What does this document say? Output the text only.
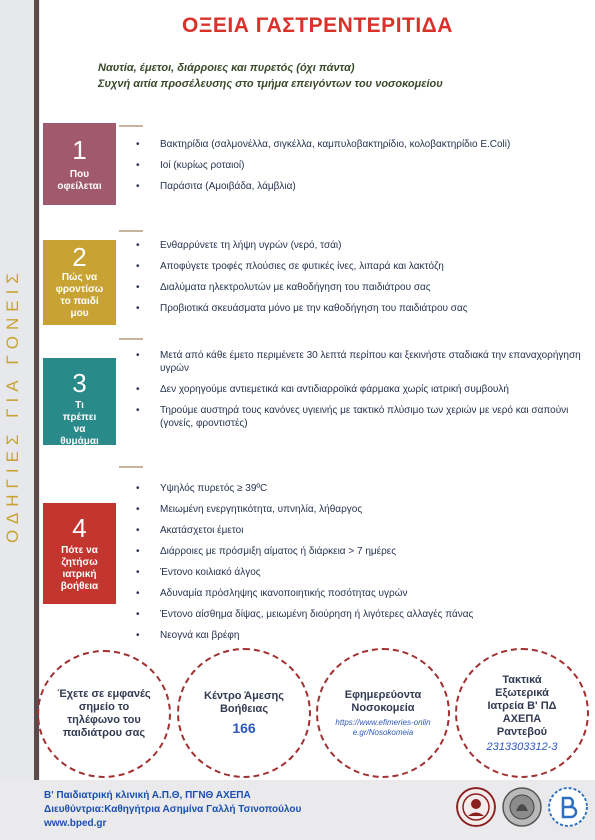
ΟΔΗΓΙΕΣ ΓΙΑ ΓΟΝΕΙΣ
ΟΞΕΙΑ ΓΑΣΤΡΕΝΤΕΡΙΤΙΔΑ
Ναυτία, έμετοι, διάρροιες και πυρετός (όχι πάντα)
Συχνή αιτία προσέλευσης στο τμήμα επειγόντων του νοσοκομείου
1
Που οφείλεται
• Βακτηρίδια (σαλμονέλλα, σιγκέλλα, καμπυλοβακτηρίδιο, κολοβακτηρίδιο E.Coli)
• Ιοί (κυρίως ροταιοί)
• Παράσιτα (Αμοιβάδα, λάμβλια)
2
Πώς να φροντίσω το παιδί μου
• Ενθαρρύνετε τη λήψη υγρών (νερό, τσάι)
• Αποφύγετε τροφές πλούσιες σε φυτικές ίνες, λιπαρά και λακτόζη
• Διαλύματα ηλεκτρολυτών με καθοδήγηση του παιδιάτρου σας
• Προβιοτικά σκευάσματα μόνο με την καθοδήγηση του παιδιάτρου σας
3
Τι πρέπει να θυμάμαι
• Μετά από κάθε έμετο περιμένετε 30 λεπτά περίπου και ξεκινήστε σταδιακά την επαναχορήγηση υγρών
• Δεν χορηγούμε αντιεμετικά και αντιδιαρροϊκά φάρμακα χωρίς ιατρική συμβουλή
• Τηρούμε αυστηρά τους κανόνες υγιεινής με τακτικό πλύσιμο των χεριών με νερό και σαπούνι (γονείς, φροντιστές)
4
Πότε να ζητήσω ιατρική βοήθεια
• Υψηλός πυρετός ≥ 39ºC
• Μειωμένη ενεργητικότητα, υπνηλία, λήθαργος
• Ακατάσχετοι έμετοι
• Διάρροιες με πρόσμιξη αίματος ή διάρκεια > 7 ημέρες
• Έντονο κοιλιακό άλγος
• Αδυναμία πρόσληψης ικανοποιητικής ποσότητας υγρών
• Έντονο αίσθημα δίψας, μειωμένη διούρηση ή λιγότερες αλλαγές πάνας
• Νεογνά και βρέφη
Έχετε σε εμφανές σημείο το τηλέφωνο του παιδιάτρου σας
Κέντρο Άμεσης Βοήθειας
166
Εφημερεύοντα Νοσοκομεία
https://www.efimeries-online.gr/Nosokomeia
Τακτικά Εξωτερικά Ιατρεία Β' ΠΔ ΑΧΕΠΑ Ραντεβού
2313303312-3
Β' Παιδιατρική κλινική Α.Π.Θ, ΠΓΝΘ ΑΧΕΠΑ
Διευθύντρια:Καθηγήτρια Ασημίνα Γαλλή Τσινοπούλου
www.bped.gr
